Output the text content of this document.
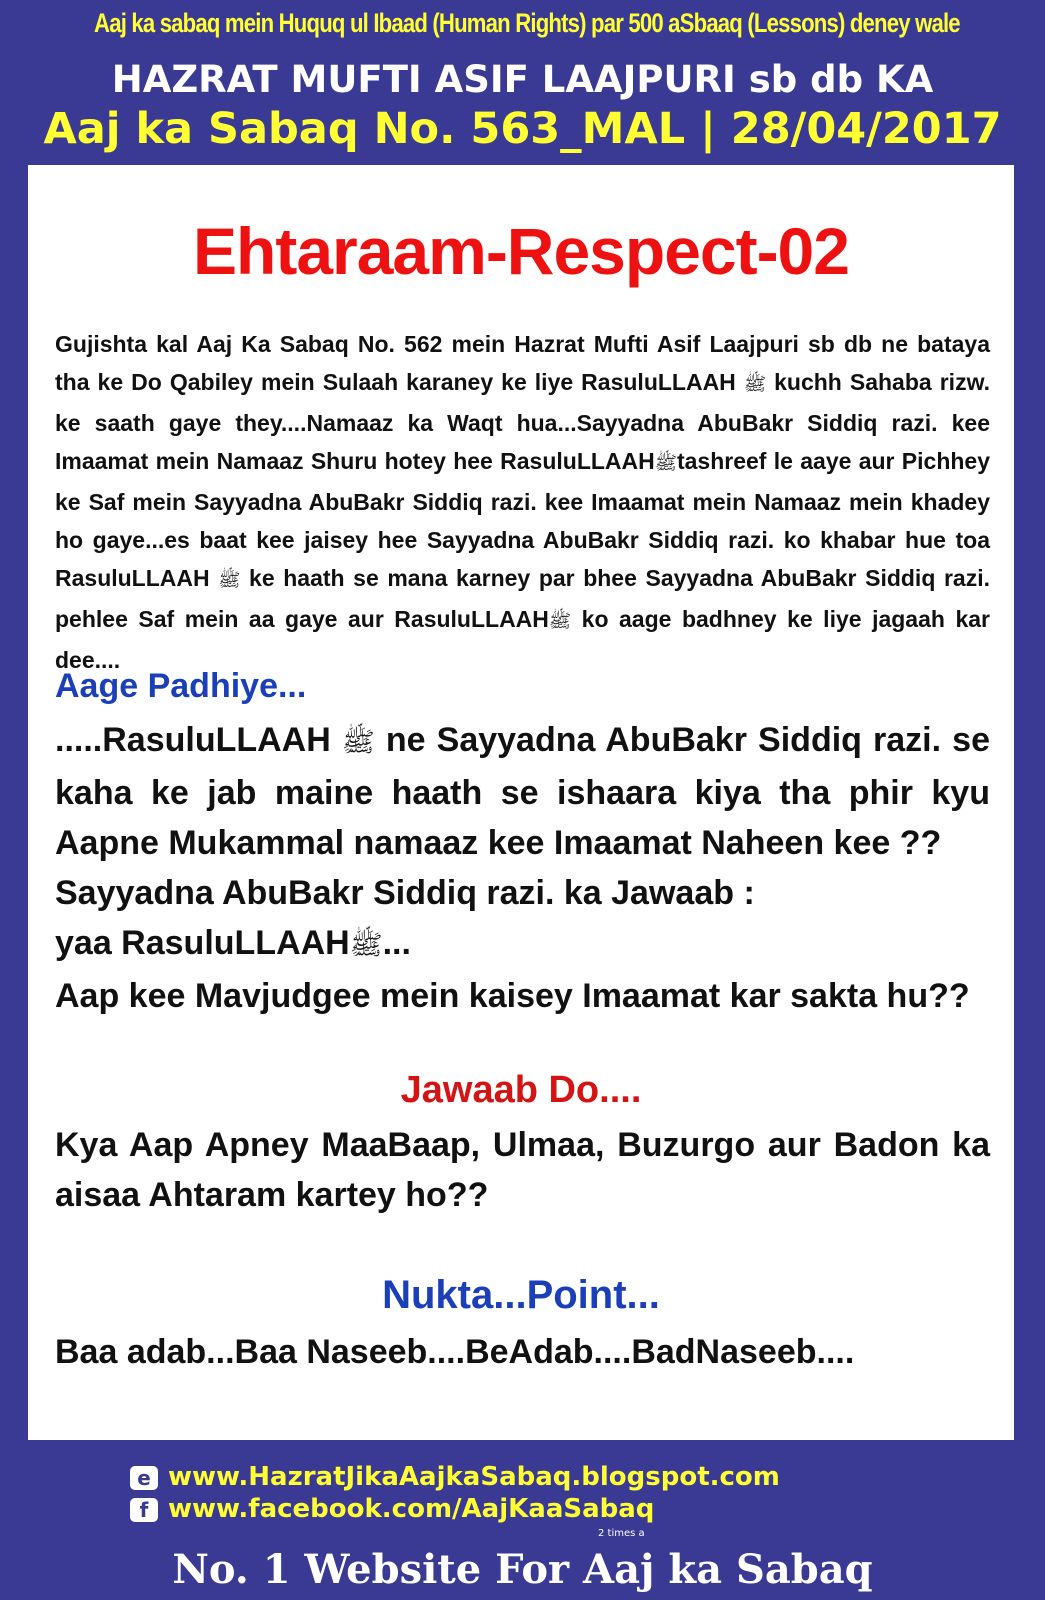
Aaj ka sabaq mein Huquq ul Ibaad (Human Rights) par 500 aSbaaq (Lessons) deney wale
HAZRAT MUFTI ASIF LAAJPURI sb db KA
Aaj ka Sabaq No. 563_MAL | 28/04/2017
Ehtaraam-Respect-02
Gujishta kal Aaj Ka Sabaq No. 562 mein Hazrat Mufti Asif Laajpuri sb db ne bataya tha ke Do Qabiley mein Sulaah karaney ke liye RasuluLLAAH ﷺ kuchh Sahaba rizw. ke saath gaye they....Namaaz ka Waqt hua...Sayyadna AbuBakr Siddiq razi. kee Imaamat mein Namaaz Shuru hotey hee RasuluLLAAHﷺtashreef le aaye aur Pichhey ke Saf mein Sayyadna AbuBakr Siddiq razi. kee Imaamat mein Namaaz mein khadey ho gaye...es baat kee jaisey hee Sayyadna AbuBakr Siddiq razi. ko khabar hue toa RasuluLLAAH ﷺ ke haath se mana karney par bhee Sayyadna AbuBakr Siddiq razi. pehlee Saf mein aa gaye aur RasuluLLAAHﷺ ko aage badhney ke liye jagaah kar dee....
Aage Padhiye...

.....RasuluLLAAH ﷺ ne Sayyadna AbuBakr Siddiq razi. se kaha ke jab maine haath se ishaara kiya tha phir kyu Aapne Mukammal namaaz kee Imaamat Naheen kee ??

Sayyadna AbuBakr Siddiq razi. ka Jawaab :

yaa RasuluLLAAHﷺ...

Aap kee Mavjudgee mein kaisey Imaamat kar sakta hu??

Jawaab Do....
Kya Aap Apney MaaBaap, Ulmaa, Buzurgo aur Badon ka aisaa Ahtaram kartey ho??
Nukta...Point...
Baa adab...Baa Naseeb....BeAdab....BadNaseeb....
e www.HazratJikaAajkaSabaq.blogspot.com
f www.facebook.com/AajKaaSabaq
2 times a
No. 1 Website For Aaj ka Sabaq
